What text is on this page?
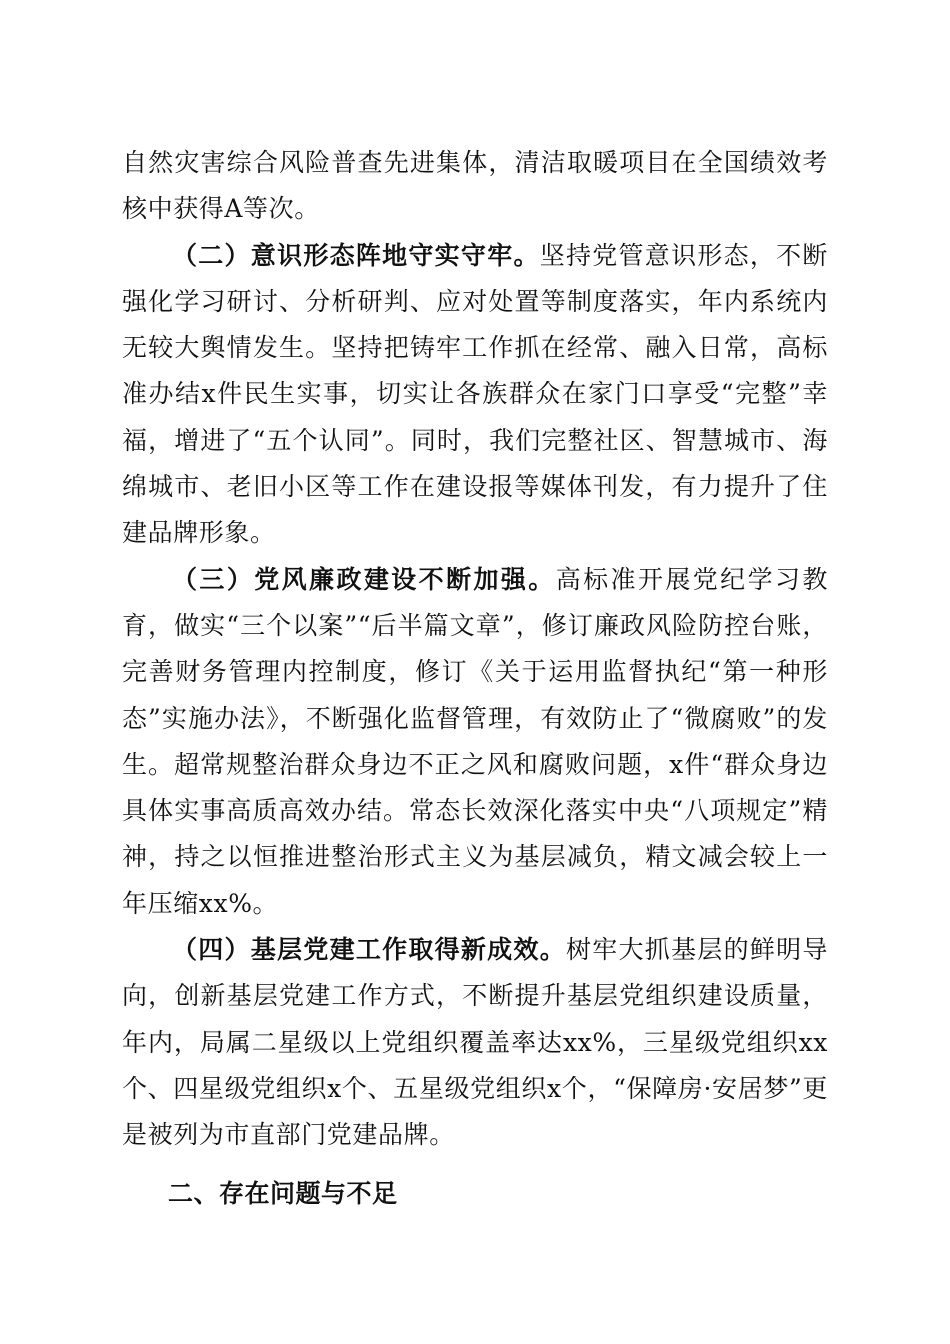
自然灾害综合风险普查先进集体，清洁取暖项目在全国绩效考核中获得A等次。

（二）意识形态阵地守实守牢。坚持党管意识形态，不断强化学习研讨、分析研判、应对处置等制度落实，年内系统内无较大舆情发生。坚持把铸牢工作抓在经常、融入日常，高标准办结x件民生实事，切实让各族群众在家门口享受“完整”幸福，增进了“五个认同”。同时，我们完整社区、智慧城市、海绵城市、老旧小区等工作在建设报等媒体刊发，有力提升了住建品牌形象。

（三）党风廉政建设不断加强。高标准开展党纪学习教育，做实“三个以案”“后半篇文章”，修订廉政风险防控台账，完善财务管理内控制度，修订《关于运用监督执纪“第一种形态”实施办法》，不断强化监督管理，有效防止了“微腐败”的发生。超常规整治群众身边不正之风和腐败问题，x件“群众身边具体实事高质高效办结。常态长效深化落实中央“八项规定”精神，持之以恒推进整治形式主义为基层减负，精文减会较上一年压缩xx%。

（四）基层党建工作取得新成效。树牢大抓基层的鲜明导向，创新基层党建工作方式，不断提升基层党组织建设质量，年内，局属二星级以上党组织覆盖率达xx%，三星级党组织xx个、四星级党组织x个、五星级党组织x个，“保障房·安居梦”更是被列为市直部门党建品牌。

二、存在问题与不足
